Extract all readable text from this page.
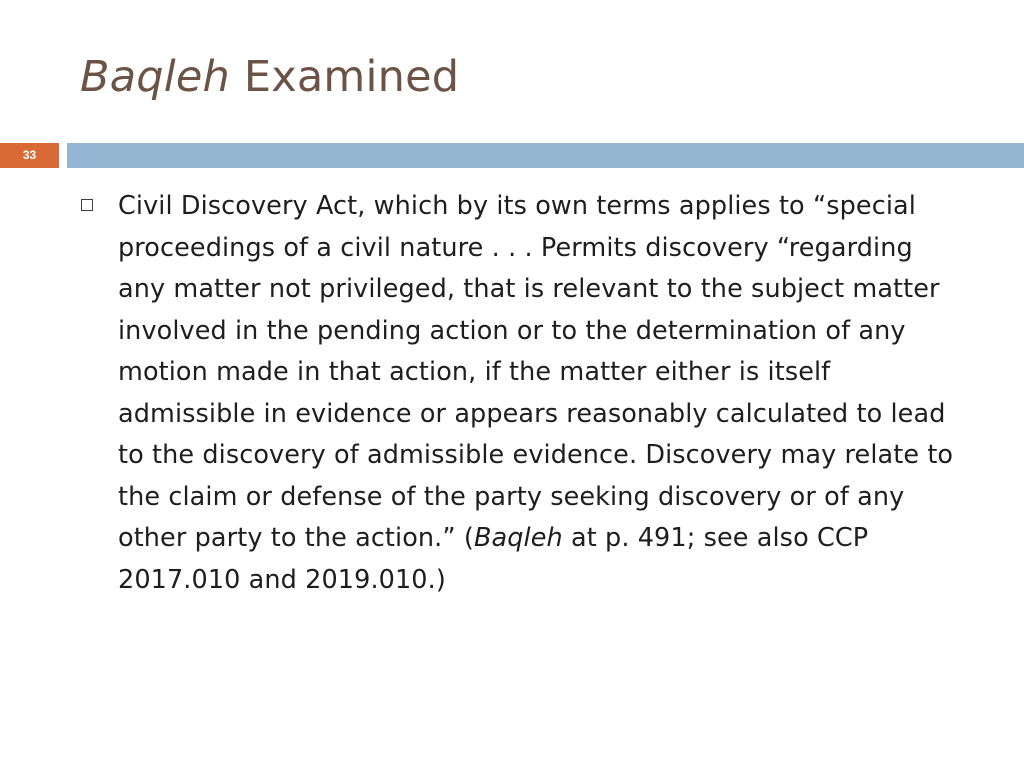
Baqleh Examined
33
Civil Discovery Act, which by its own terms applies to “special proceedings of a civil nature . . . Permits discovery “regarding any matter not privileged, that is relevant to the subject matter involved in the pending action or to the determination of any motion made in that action, if the matter either is itself admissible in evidence or appears reasonably calculated to lead to the discovery of admissible evidence. Discovery may relate to the claim or defense of the party seeking discovery or of any other party to the action.” (Baqleh at p. 491; see also CCP 2017.010 and 2019.010.)
